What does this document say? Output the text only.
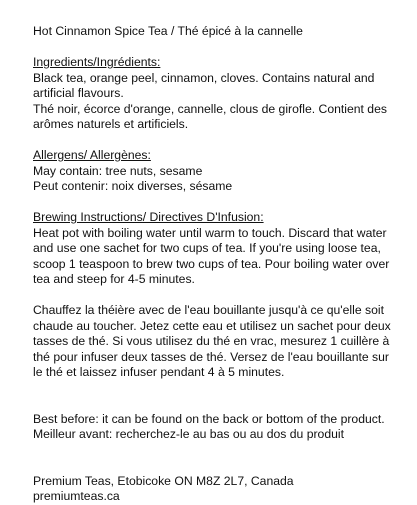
Hot Cinnamon Spice Tea / Thé épicé à la cannelle
Ingredients/Ingrédients:
Black tea, orange peel, cinnamon, cloves. Contains natural and
artificial flavours.
Thé noir, écorce d'orange, cannelle, clous de girofle. Contient des
arômes naturels et artificiels.
Allergens/ Allergènes:
May contain: tree nuts, sesame
Peut contenir: noix diverses, sésame
Brewing Instructions/ Directives D'Infusion:
Heat pot with boiling water until warm to touch. Discard that water
and use one sachet for two cups of tea. If you're using loose tea,
scoop 1 teaspoon to brew two cups of tea. Pour boiling water over
tea and steep for 4-5 minutes.
Chauffez la théière avec de l'eau bouillante jusqu'à ce qu'elle soit
chaude au toucher. Jetez cette eau et utilisez un sachet pour deux
tasses de thé. Si vous utilisez du thé en vrac, mesurez 1 cuillère à
thé pour infuser deux tasses de thé. Versez de l'eau bouillante sur
le thé et laissez infuser pendant 4 à 5 minutes.
Best before: it can be found on the back or bottom of the product.
Meilleur avant: recherchez-le au bas ou au dos du produit
Premium Teas, Etobicoke ON M8Z 2L7, Canada
premiumteas.ca
